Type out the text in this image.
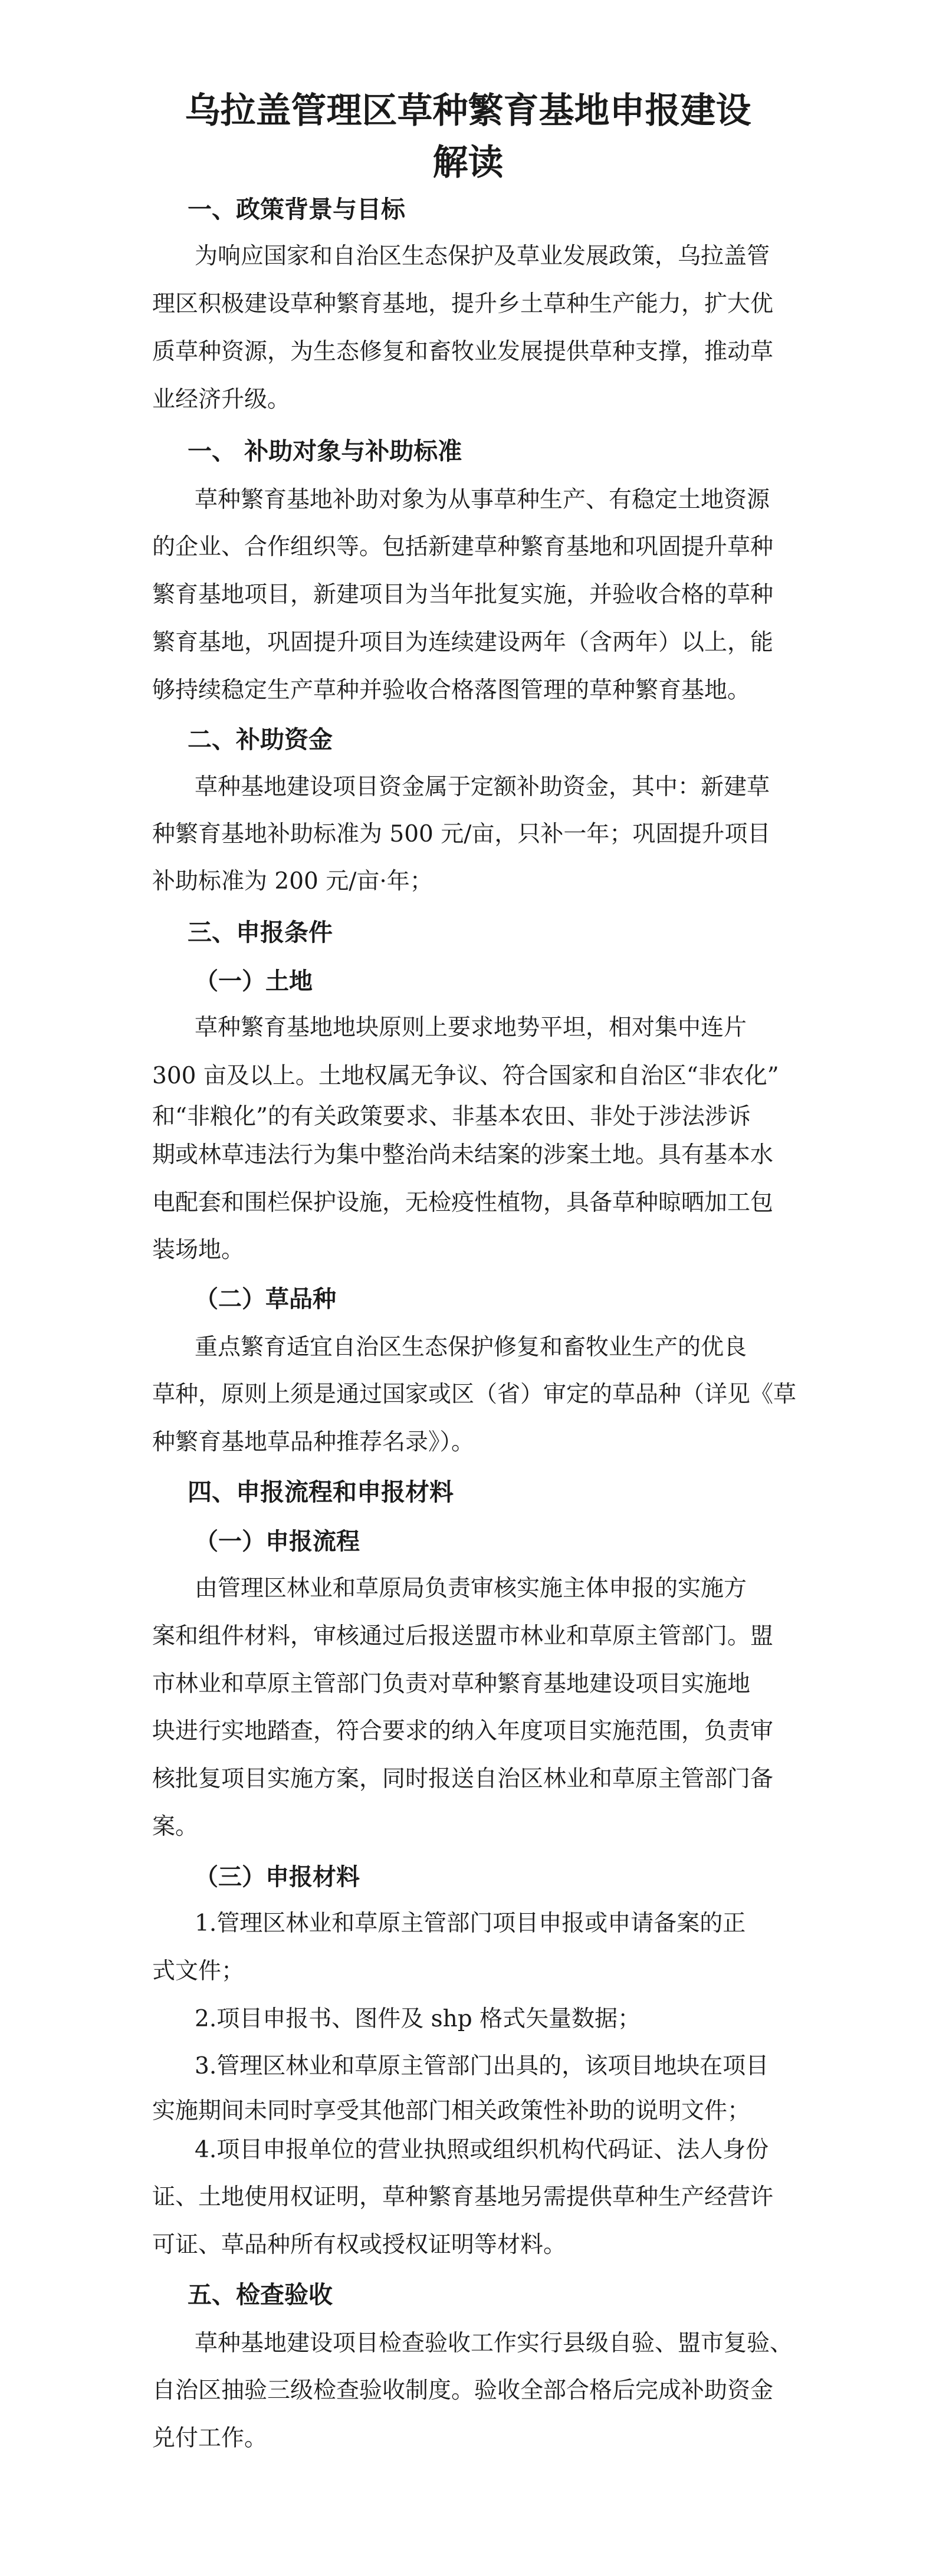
乌拉盖管理区草种繁育基地申报建设
解读
一、政策背景与目标

为响应国家和自治区生态保护及草业发展政策，乌拉盖管

理区积极建设草种繁育基地，提升乡土草种生产能力，扩大优

质草种资源，为生态修复和畜牧业发展提供草种支撑，推动草

业经济升级。

一、 补助对象与补助标准

草种繁育基地补助对象为从事草种生产、有稳定土地资源

的企业、合作组织等。包括新建草种繁育基地和巩固提升草种

繁育基地项目，新建项目为当年批复实施，并验收合格的草种

繁育基地，巩固提升项目为连续建设两年（含两年）以上，能

够持续稳定生产草种并验收合格落图管理的草种繁育基地。

二、补助资金

草种基地建设项目资金属于定额补助资金，其中：新建草

种繁育基地补助标准为 500 元/亩，只补一年；巩固提升项目

补助标准为 200 元/亩·年；

三、申报条件
（一）土地

草种繁育基地地块原则上要求地势平坦，相对集中连片

300 亩及以上。土地权属无争议、符合国家和自治区“非农化”

和“非粮化”的有关政策要求、非基本农田、非处于涉法涉诉

期或林草违法行为集中整治尚未结案的涉案土地。具有基本水

电配套和围栏保护设施，无检疫性植物，具备草种晾晒加工包

装场地。

（二）草品种

重点繁育适宜自治区生态保护修复和畜牧业生产的优良

草种，原则上须是通过国家或区（省）审定的草品种（详见《草

种繁育基地草品种推荐名录》）。

四、申报流程和申报材料
（一）申报流程

由管理区林业和草原局负责审核实施主体申报的实施方

案和组件材料，审核通过后报送盟市林业和草原主管部门。盟

市林业和草原主管部门负责对草种繁育基地建设项目实施地

块进行实地踏查，符合要求的纳入年度项目实施范围，负责审

核批复项目实施方案，同时报送自治区林业和草原主管部门备

案。

（三）申报材料

1.管理区林业和草原主管部门项目申报或申请备案的正

式文件；

2.项目申报书、图件及 shp 格式矢量数据；

3.管理区林业和草原主管部门出具的，该项目地块在项目

实施期间未同时享受其他部门相关政策性补助的说明文件；

4.项目申报单位的营业执照或组织机构代码证、法人身份

证、土地使用权证明，草种繁育基地另需提供草种生产经营许

可证、草品种所有权或授权证明等材料。

五、检查验收

草种基地建设项目检查验收工作实行县级自验、盟市复验、

自治区抽验三级检查验收制度。验收全部合格后完成补助资金

兑付工作。
